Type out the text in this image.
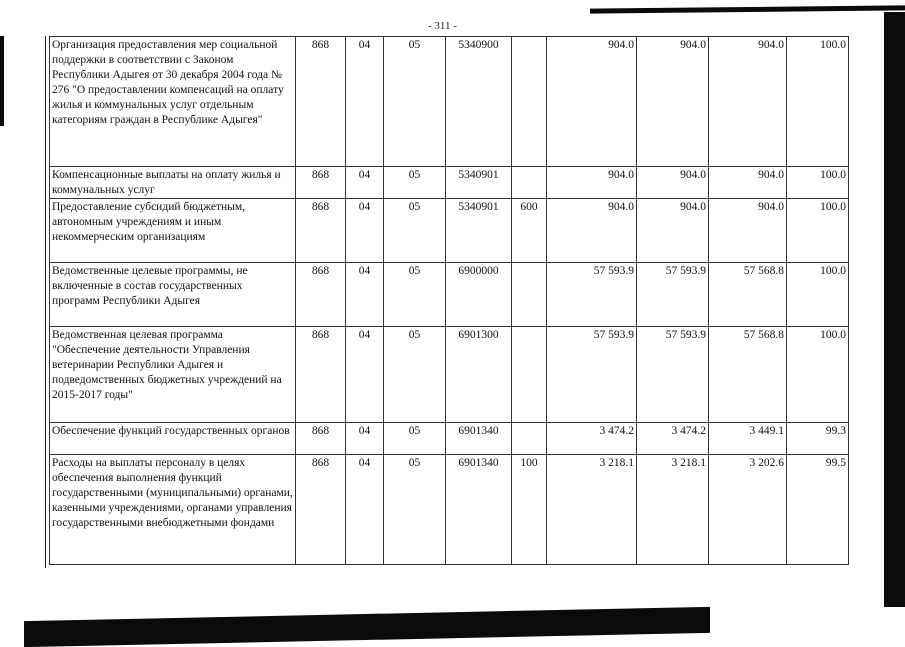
- 311 -
Организация предоставления мер социальной поддержки в соответствии с Законом Республики Адыгея от 30 декабря 2004 года № 276 "О предоставлении компенсаций на оплату жилья и коммунальных услуг отдельным категориям граждан в Республике Адыгея"	868	04	05	5340900		904.0	904.0	904.0	100.0
Компенсационные выплаты на оплату жилья и коммунальных услуг	868	04	05	5340901		904.0	904.0	904.0	100.0
Предоставление субсидий бюджетным, автономным учреждениям и иным некоммерческим организациям	868	04	05	5340901	600	904.0	904.0	904.0	100.0
Ведомственные целевые программы, не включенные в состав государственных программ Республики Адыгея	868	04	05	6900000		57 593.9	57 593.9	57 568.8	100.0
Ведомственная целевая программа "Обеспечение деятельности Управления ветеринарии Республики Адыгея и подведомственных бюджетных учреждений на 2015-2017 годы"	868	04	05	6901300		57 593.9	57 593.9	57 568.8	100.0
Обеспечение функций государственных органов	868	04	05	6901340		3 474.2	3 474.2	3 449.1	99.3
Расходы на выплаты персоналу в целях обеспечения выполнения функций государственными (муниципальными) органами, казенными учреждениями, органами управления государственными внебюджетными фондами	868	04	05	6901340	100	3 218.1	3 218.1	3 202.6	99.5
